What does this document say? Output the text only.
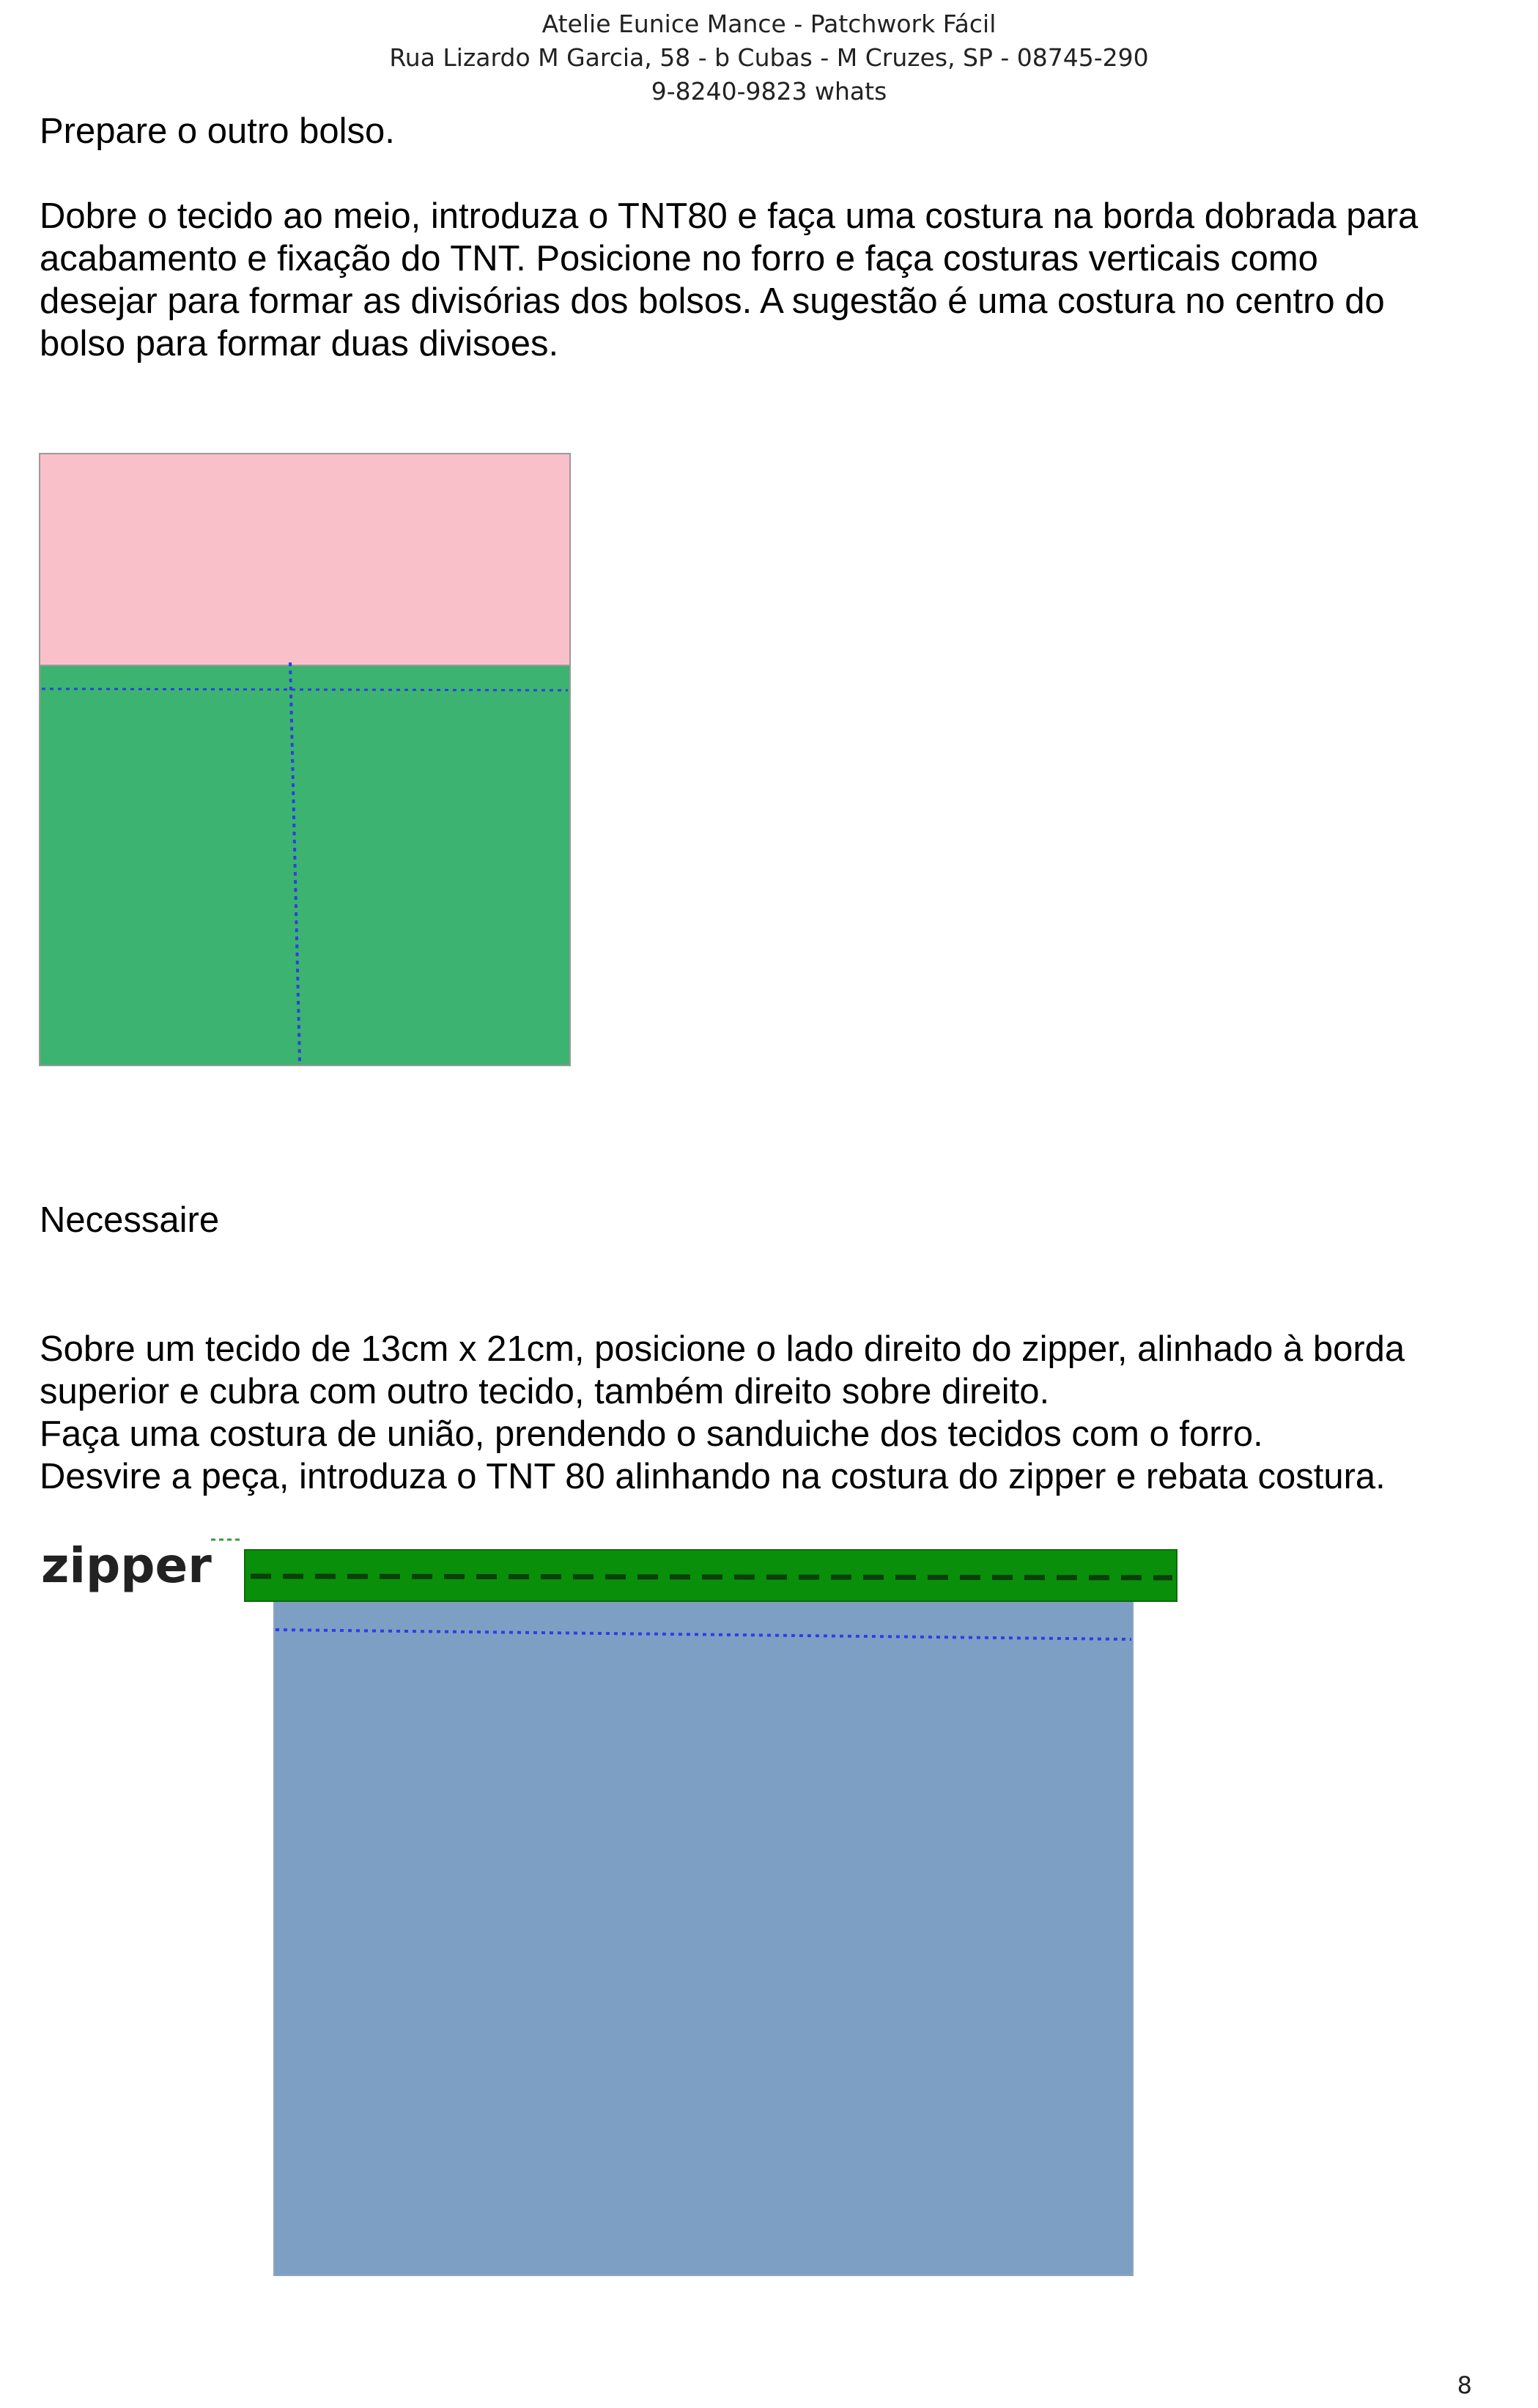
Atelie Eunice Mance - Patchwork Fácil
Rua Lizardo M Garcia, 58 - b Cubas - M Cruzes, SP - 08745-290
9-8240-9823 whats

Prepare o outro bolso.

Dobre o tecido ao meio, introduza o TNT80 e faça uma costura na borda dobrada para
acabamento e fixação do TNT. Posicione no forro e faça costuras verticais como
desejar para formar as divisórias dos bolsos. A sugestão é uma costura no centro do
bolso para formar duas divisoes.

Necessaire

Sobre um tecido de 13cm x 21cm, posicione o lado direito do zipper, alinhado à borda
superior e cubra com outro tecido, também direito sobre direito.
Faça uma costura de união, prendendo o sanduiche dos tecidos com o forro.
Desvire a peça, introduza o TNT 80 alinhando na costura do zipper e rebata costura.

zipper
8
